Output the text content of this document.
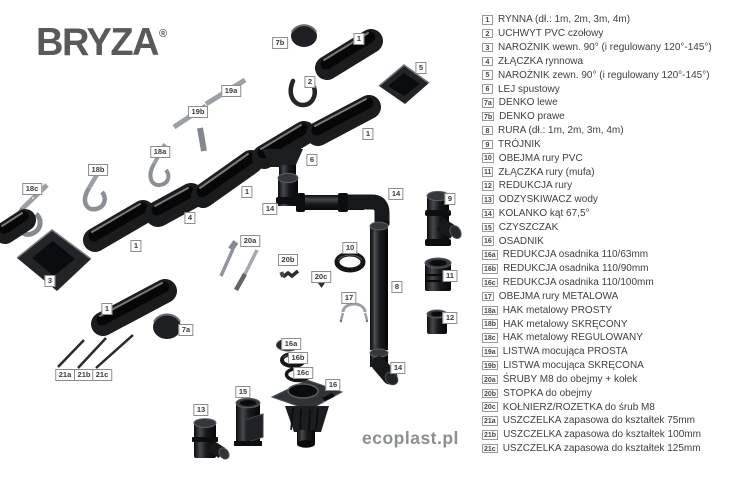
BRYZA®
7b	1
5
2
19a
19b
18a
18b
18c
1
6
1
14
14
9
4
20a
1	10
20b
11
20c
3
8
17
1
12
7a
16a
16b
14
16c
21a 21b 21c
16
15
13
ecoplast.pl
1 RYNNA (dł.: 1m, 2m, 3m, 4m)
2 UCHWYT PVC czołowy
3 NAROŻNIK wewn. 90° (i regulowany 120°-145°)
4 ZŁĄCZKA rynnowa
5 NAROŻNIK zewn. 90° (i regulowany 120°-145°)
6 LEJ spustowy
7a DENKO lewe
7b DENKO prawe
8 RURA (dł.: 1m, 2m, 3m, 4m)
9 TRÓJNIK
10 OBEJMA rury PVC
11 ZŁĄCZKA rury (mufa)
12 REDUKCJA rury
13 ODZYSKIWACZ wody
14 KOLANKO kąt 67,5°
15 CZYSZCZAK
16 OSADNIK
16a REDUKCJA osadnika 110/63mm
16b REDUKCJA osadnika 110/90mm
16c REDUKCJA osadnika 110/100mm
17 OBEJMA rury METALOWA
18a HAK metalowy PROSTY
18b HAK metalowy SKRĘCONY
18c HAK metalowy REGULOWANY
19a LISTWA mocująca PROSTA
19b LISTWA mocująca SKRĘCONA
20a ŚRUBY M8 do obejmy + kołek
20b STOPKA do obejmy
20c KOŁNIERZ/ROZETKA do śrub M8
21a USZCZELKA zapasowa do kształtek 75mm
21b USZCZELKA zapasowa do kształtek 100mm
21c USZCZELKA zapasowa do kształtek 125mm
